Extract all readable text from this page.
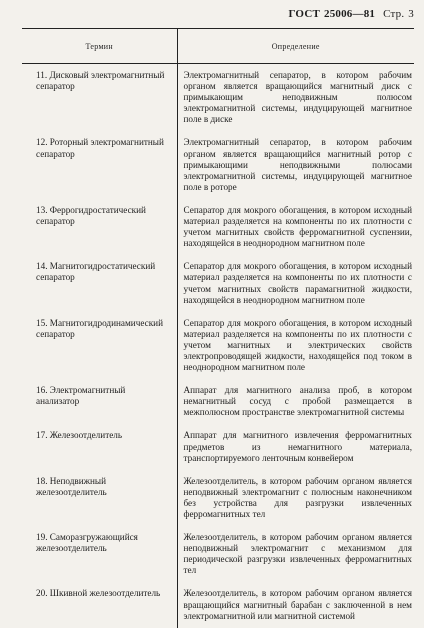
ГОСТ 25006—81 Стр. 3
Термин	Определение

11. Дисковый электромагнитный сепаратор	Электромагнитный сепаратор, в котором рабочим органом является вращающийся магнитный диск с примыкающим неподвижным полюсом электромагнитной системы, индуцирующей магнитное поле в диске

12. Роторный электромагнитный сепаратор	Электромагнитный сепаратор, в котором рабочим органом является вращающийся магнитный ротор с примыкающими неподвижными полюсами электромагнитной системы, индуцирующей магнитное поле в роторе

13. Феррогидростатический сепаратор	Сепаратор для мокрого обогащения, в котором исходный материал разделяется на компоненты по их плотности с учетом магнитных свойств ферромагнитной суспензии, находящейся в неоднородном магнитном поле

14. Магнитогидростатический сепаратор	Сепаратор для мокрого обогащения, в котором исходный материал разделяется на компоненты по их плотности с учетом магнитных свойств парамагнитной жидкости, находящейся в неоднородном магнитном поле

15. Магнитогидродинамический сепаратор	Сепаратор для мокрого обогащения, в котором исходный материал разделяется на компоненты по их плотности с учетом магнитных и электрических свойств электропроводящей жидкости, находящейся под током в неоднородном магнитном поле

16. Электромагнитный анализатор	Аппарат для магнитного анализа проб, в котором немагнитный сосуд с пробой размещается в межполюсном пространстве электромагнитной системы

17. Железоотделитель	Аппарат для магнитного извлечения ферромагнитных предметов из немагнитного материала, транспортируемого ленточным конвейером

18. Неподвижный железоотделитель	Железоотделитель, в котором рабочим органом является неподвижный электромагнит с полюсным наконечником без устройства для разгрузки извлеченных ферромагнитных тел

19. Саморазгружающийся железоотделитель	Железоотделитель, в котором рабочим органом является неподвижный электромагнит с механизмом для периодической разгрузки извлеченных ферромагнитных тел

20. Шкивной железоотделитель	Железоотделитель, в котором рабочим органом является вращающийся магнитный барабан с заключенной в нем электромагнитной или магнитной системой
